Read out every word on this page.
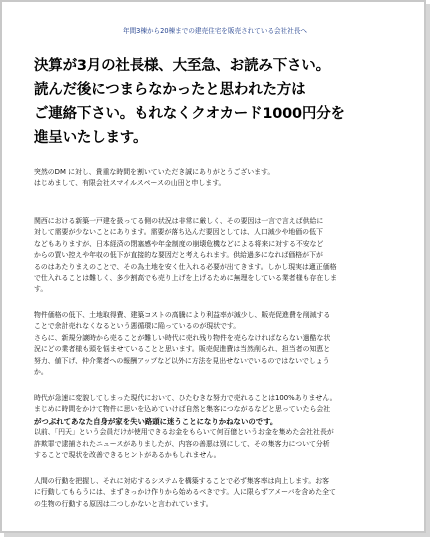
年間3棟から20棟までの建売住宅を販売されている会社社長へ
決算が3月の社長様、大至急、お読み下さい。
読んだ後につまらなかったと思われた方は
ご連絡下さい。もれなくクオカード1000円分を
進呈いたします。
突然のDM に対し、貴重な時間を割いていただき誠にありがとうございます。
はじめまして、有限会社スマイルスペースの山田と申します。
関西における新築一戸建を扱ってる側の状況は非常に厳しく、その要因は一言で言えば供給に
対して需要が少ないことにあります。需要が落ち込んだ要因としては、人口減少や地価の低下
などもありますが、日本経済の閉塞感や年金制度の崩壊危機などによる将来に対する不安など
からの買い控えや年収の低下が直接的な要因だと考えられます。供給過多になれば価格が下が
るのはあたりまえのことで、その為土地を安く仕入れる必要が出てきます。しかし現実は適正価格
で仕入れることは難しく、多少割高でも売り上げを上げるために無理をしている業者様も存在しま
す。
物件価格の低下、土地取得費、建築コストの高騰により利益率が減少し、販売促進費を削減する
ことで余計売れなくなるという悪循環に陥っているのが現状です。
さらに、新規分譲時から売ることが難しい時代に売れ残り物件を売らなければならない過酷な状
況にどの業者様も頭を悩ませていることと思います。販売促進費は当然削られ、担当者の知恵と
努力、値下げ、仲介業者への報酬アップなど以外に方法を見出せないでいるのではないでしょう
か。
時代が急速に変貌してしまった現代において、ひたむきな努力で売れることは100%ありません。
まじめに時間をかけて物件に思いを込めていけば自然と集客につながるなどと思っていたら会社
がつぶれてあなた自身が家を失い路頭に迷うことになりかねないのです。
以前、「円天」という会員だけが使用できるお金をもらいて何百億というお金を集めた会社社長が
詐欺罪で逮捕されたニュースがありましたが、内容の善悪は別にして、その集客力について分析
することで現状を改善できるヒントがあるかもしれません。
人間の行動を把握し、それに対応するシステムを構築することで必ず集客率は向上します。お客
に行動してもらうには、まずきっかけ作りから始めるべきです。人に限らずアメーバを含めた全て
の生物の行動する原因は二つしかないと言われています。
